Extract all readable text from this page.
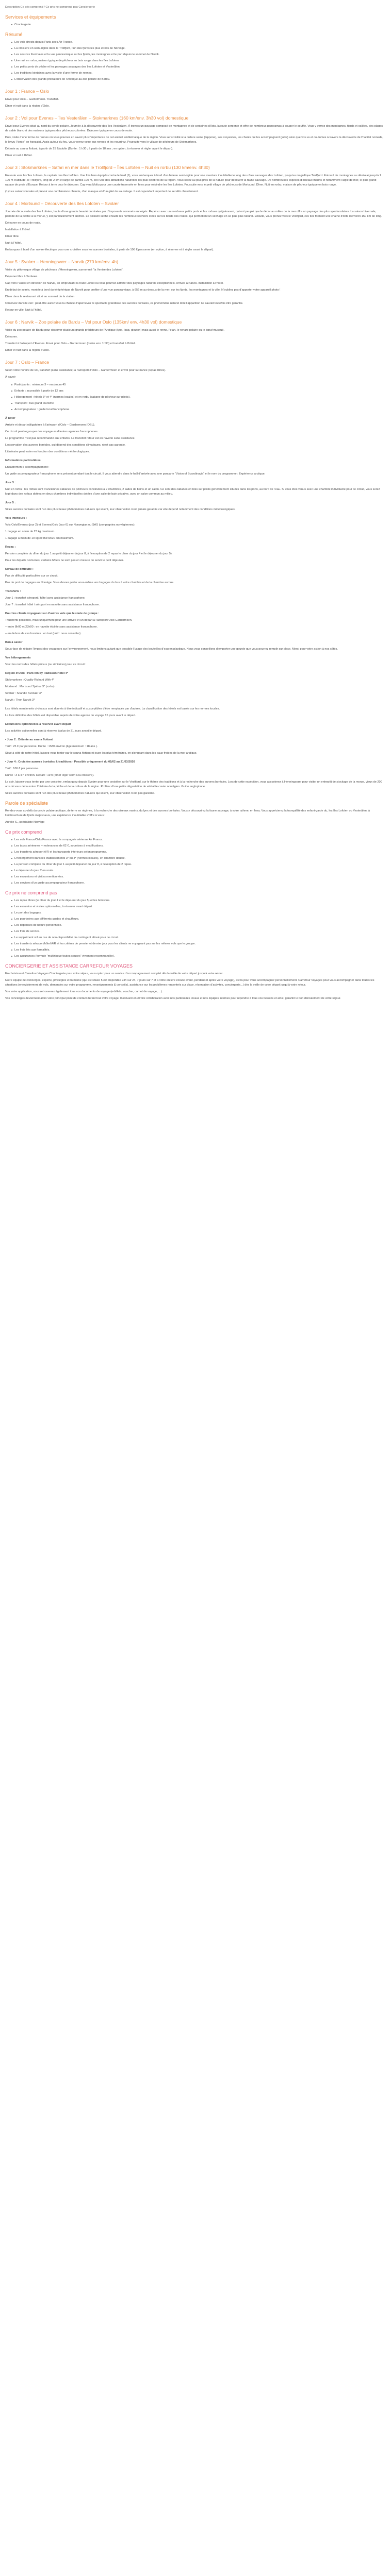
Description Ce prix comprend / Ce prix ne comprend pas Conciergerie
Services et équipements
Conciergerie
Résumé
Les vols directs depuis Paris avec Air France.
La croisière en semi-rigide dans le Trollfjord, l’un des fjords les plus étroits de Norvège.
Les sources thermales et la vue panoramique sur les fjords, les montagnes et le port depuis le sommet de Narvik.
Une nuit en rorbu, maison typique de pêcheur en bois rouge dans les îles Lofoten.
Les petits ports de pêche et les paysages sauvages des îles Lofoten et Vesterålen.
Les traditions lointaines avec la visite d’une ferme de rennes.
L’observation des grands prédateurs de l’Arctique au zoo polaire de Bardu.
Jour 1 : France – Oslo

Envol pour Oslo – Gardermoen. Transfert.

Dîner et nuit dans la région d’Oslo.

Jour 2 : Vol pour Evenes – Îles Vesterålen – Stokmarknes (160 km/env. 3h30 vol) domestique

Envol pour Evenes situé au nord du cercle polaire. Journée à la découverte des îles Vesterålen. À travers un paysage composé de montagnes et de centaines d’îlots, la route serpente et offre de nombreux panoramas à couper le souffle. Vous y verrez des montagnes, fjords et vallées, des plages de sable blanc et des maisons typiques des pêcheurs colorées. Déjeuner typique en cours de route.

Puis, visite d’une ferme de rennes où vous pourrez en savoir plus l’importance de cet animal emblématique de la région. Vous serez initié à la culture same (lappone), ses croyances, les chants qui les accompagnent (joiks) ainsi que vos us et coutumes à travers la découverte de l’habitat nomade, le lavvu (“tente” en français). Assis autour du feu, vous verrez votre eux rennes et les nourrirez. Poursuite vers le village de pêcheurs de Stokmarknes.

Détente au sauna flottant, à partir de 25 €/adulte (Durée : 1 h30 ; à partir de 18 ans ; en option, à réserver et régler avant le départ).

Dîner et nuit à l’hôtel.

Jour 3 : Stokmarknes – Safari en mer dans le Trollfjord – Îles Lofoten – Nuit en rorbu (130 km/env. 4h30)

En route vers les îles Lofoten, la capitale des îles Lofoten. Une fois bien équipés contre le froid (1), vous embarquez à bord d’un bateau semi-rigide pour une aventure inoubliable le long des côtes sauvages des Lofoten, jusqu’au magnifique Trollfjord. Entouré de montagnes au dénivelé jusqu’à 1 100 m d’altitude, le Trollfjord, long de 2 km et large de parfois 100 m, est l’une des attractions naturelles les plus célèbres de la région. Vous serez au plus près de la nature pour découvrir la faune sauvage. De nombreuses espèces d’oiseaux marins et notamment l’aigle de mer, le plus grand rapace de proie d’Europe. Retour à terre pour le déjeuner. Cap vers Moltu pour une courte traversée en ferry pour rejoindre les îles Lofoten. Poursuite vers le petit village de pêcheurs de Mortsund. Dîner. Nuit en rorbu, maison de pêcheur typique en bois rouge.

(1) Les saisons locales et prévoir une combinaison chaude, d’un masque et d’un gilet de sauvetage. Il est cependant important de se vêtir chaudement.

Jour 4 : Mortsund – Découverte des îles Lofoten – Svolær

Journée découverte des îles Lofoten, hauts d’une grande beauté dominées par d’imposants sommets enneigés. Repérez avec un nombreux petits ports et les rorbuer qui jalonnent, qui ont peuplé que le décor au milieu de la mer offre un paysage des plus spectaculaires. La saison hivernale, période de la pêche à la morue, y est particulièrement animée. Le poisson séché ensuite les nombreux séchoirs créés sur les bords des routes, qui permettent un séchage en se plus plus naturel. Ensuite, vous prenez vers le Vestfjord, ces îles forment une chaîne d’îlots d’environ 150 km de long.

Déjeuner en cours de route.

Installation à l’hôtel.

Dîner libre.

Nuit à l’hôtel.

Embarquez à bord d’un navire électrique pour une croisière sous les aurores boréales, à partir de 106 €/personne (en option, à réserver et à régler avant le départ).

Jour 5 : Svolær – Henningsvær – Narvik (270 km/env. 4h)

Visite du pittoresque village de pêcheurs d’Henningsvær, surnommé “la Venise des Lofoten”.

Déjeuner libre à Svolvær.

Cap vers l’Ouest en direction de Narvik, en empruntant la route Lofast où vous pourrez admirer des paysages naturels exceptionnels. Arrivée à Narvik. Installation à l’hôtel.

En début de soirée, montée à bord du téléphérique de Narvik pour profiter d’une vue panoramique, à 656 m au-dessus de la mer, sur les fjords, les montagnes et la ville. N’oubliez pas d’apporter votre appareil photo !

Dîner dans le restaurant situé au sommet de la station.

Observez dans le ciel : peut-être aurez vous la chance d’apercevoir le spectacle grandiose des aurores boréales, ce phénomène naturel dont l’apparition ne saurait toutefois être garantie.

Retour en ville. Nuit à l’hôtel.

Jour 6 : Narvik – Zoo polaire de Bardu – Vol pour Oslo (135km/ env. 4h30 vol) domestique

Visite du zoo polaire de Bardu pour observer plusieurs grands prédateurs de l’Arctique (lynx, loup, glouton) mais aussi le renne, l’élan, le renard polaire ou le bœuf musqué.

Déjeuner.

Transfert à l’aéroport d’Evenes. Envol pour Oslo – Gardermoen (durée env. 1h30) et transfert à l’hôtel.

Dîner et nuit dans la région d’Oslo.

Jour 7 : Oslo – France

Selon votre horaire de vol, transfert (sans assistance) à l’aéroport d’Oslo – Gardermoen et envol pour la France (repas libres).

À savoir

Participants : minimum 3 – maximum 45
Enfants : accessible à partir de 12 ans
Hébergement : hôtels 3* et 4* (normes locales) et en rorbu (cabane de pêcheur sur pilotis).
Transport : bus grand tourisme
Accompagnateur : guide local francophone

À noter

Arrivée et départ obligatoires à l’aéroport d’Oslo – Gardermoen (OSL).

Ce circuit peut regrouper des voyageurs d’autres agences francophones.

Le programme n’est pas recommandé aux enfants. Le transfert retour est en navette sans assistance.

L’observation des aurores boréales, qui dépend des conditions climatiques, n’est pas garantie.

L’itinéraire peut varier en fonction des conditions météorologiques.

Informations particulières

Encadrement / accompagnement :

Un guide accompagnateur francophone sera présent pendant tout le circuit. Il vous attendra dans le hall d’arrivée avec une pancarte “Vision of Scandinavia” et le nom du programme : Expérience arctique.

Jour 3 :

Nuit en rorbu : les rorbus sont d’anciennes cabanes de pêcheurs construites à 2 chambres, 2 salles de bains et un salon. Ce sont des cabanes en bois sur pilotis généralement situées dans les ports, au bord de l’eau. Si vous êtes venus avec une chambre individuelle pour ce circuit, vous serez logé dans des rorbus dotées en deux chambres individuelles dotées d’une salle de bain privative, avec un salon commun au milieu.

Jour 5 :

Si les aurores boréales sont l’un des plus beaux phénomènes naturels qui soient, leur observation n’est jamais garantie car elle dépend notamment des conditions météorologiques.

Vols intérieurs :

Vols Oslo/Evenes (jour 2) et Evenes/Oslo (jour 6) sur Norwegian ou SAS (compagnies norvégiennes).

1 bagage en soute de 23 kg maximum.

1 bagage à main de 10 kg et 55x40x20 cm maximum.

Repas :

Pension complète du dîner du jour 1 au petit déjeuner du jour 8, à l’exception de 2 repas le dîner du jour 4 et le déjeuner du jour 5).

Pour les départs nocturnes, certains hôtels ne sont pas en mesure de servir le petit déjeuner.

Niveau de difficulté :

Pas de difficulté particulière sur ce circuit.

Pas de port de bagages en Norvège. Vous devrez porter vous-même vos bagages du bus à votre chambre et de la chambre au bus.

Transferts :

Jour 1 : transfert aéroport / hôtel avec assistance francophone.

Jour 7 : transfert hôtel / aéroport en navette sans assistance francophone.

Pour les clients voyageant sur d’autres vols que le route de groupe :

Transferts possibles, mais uniquement pour une arrivée et un départ à l’aéroport Oslo Gardermoen.

– entre 8h00 et 23h00 : en navette étoilée sans assistance francophone.

– en dehors de ces horaires : en taxi (tarif : nous consulter).

Bon à savoir

Sous-face de réduire l’impact des voyageurs sur l’environnement, nous limitons autant que possible l’usage des bouteilles d’eau en plastique. Nous vous conseillons d’emporter une gourde que vous pourrez remplir sur place. Merci pour votre action à nos côtés.

Vos hébergements

Voici les noms des hôtels prévus (ou similaires) pour ce circuit :

Région d’Oslo : Park Inn by Radisson Hotel 4*

Stokmarknes : Quality Richard With 4*

Mortsund : Mortsund Sjøhus 3* (rorbu)

Svolær : Scandic Svolvær 3*

Narvik : Thon Narvik 3*

Les hôtels mentionnés ci-dessus sont donnés à titre indicatif et susceptibles d’être remplacés par d’autres. La classification des hôtels est basée sur les normes locales.

La liste définitive des hôtels est disponible auprès de votre agence de voyage 15 jours avant le départ.

Excursions optionnelles à réserver avant départ

Les activités optionnelles sont à réserver à plus de 31 jours avant le départ.

• Jour 2 : Détente au sauna flottant

Tarif : 25 € par personne. Durée : 1h30 environ (âge minimum : 18 ans ).

Situé à côté de notre hôtel, laissez-vous tenter par le sauna flottant et jouer les plus téméraires, en plongeant dans les eaux froides de la mer arctique.

• Jour 4 : Croisière aurores boréales & traditions - Possible uniquement du 01/02 au 21/03/2026

Tarif : 106 € par personne.

Durée : 3 à 4 h environ. Départ : 19 h (dîner léger servi à la croisière).

Le soir, laissez-vous tenter par une croisière, embarquez depuis Svolær pour une croisière sur le Vestfjord, sur le thème des traditions et à la recherche des aurores boréales. Lors de cette expédition, vous accosterez à Henningsvær pour visiter un entrepôt de stockage de la morue, vieux de 200 ans où vous découvrirez l’histoire de la pêche et de la culture de la région. Profitez d’une petite dégustation de véritable caviar norvégien. Guide anglophone.

Si les aurores boréales sont l’un des plus beaux phénomènes naturels qui soient, leur observation n’est pas garantie.

Parole de spécialiste

Rendez-vous au-delà du cercle polaire arctique, de terre en régimes, à la recherche des oiseaux marins, du lynx et des aurores boréales. Vous y découvrirez la faune sauvage, à votre rythme, en ferry. Vous apprécierez la tranquillité des enfant-garde du, les îles Lofoten ou Vesterålen, à l’embouchure de fjords majestueux, une expérience inoubliable s’offre à vous !

Aurelie S., spécialiste Norvège

Ce prix comprend
Les vols France/Oslo/France avec la compagnie aérienne Air France.
Les taxes aériennes + redevances de 62 €, soumises à modifications.
Les transferts aéroport A/R et les transports intérieurs selon programme.
L’hébergement dans les établissements 3* ou 4* (normes locales), en chambre double.
La pension complète du dîner du jour 1 au petit déjeuner du jour 8, à l’exception de 2 repas.
Le déjeuner du jour 2 en route.
Les excursions et visites mentionnées.
Les services d’un guide accompagnateur francophone.
Ce prix ne comprend pas
Les repas libres (le dîner du jour 4 et le déjeuner du jour 5) et les boissons.
Les excursion et visites optionnelles, à réserver avant départ.
Le port des bagages.
Les pourboires aux différents guides et chauffeurs.
Les dépenses de nature personnelle.
Les frais de service.
Le supplément vol en cas de non-disponibilité du contingent alloué pour ce circuit.
Les transferts aéroport/hôtel A/R et les critères de premier et dernier jour pour les clients ne voyageant pas sur les mêmes vols que le groupe.
Les frais liés aux formalités.
Les assurances (formule “multirisque toutes causes” vivement recommandée).
CONCIERGERIE ET ASSISTANCE CARREFOUR VOYAGES

En choisissant Carrefour Voyages Conciergerie pour votre séjour, vous optez pour un service d’accompagnement complet dès la veille de votre départ jusqu’à votre retour.

Notre équipe de concierges, experte, privilégiée et humaine (qui est située 5 est disponible 24h sur 24, 7 jours sur 7 et a votre entière écoute avant, pendant et après votre voyage), est là pour vous accompagner personnellement. Carrefour Voyages pour vous accompagner dans toutes les situations (enregistrement de vols, demandes sur votre programme, renseignements & conseils), assistance sur les problèmes rencontrés sur place, réservation d’activités, conciergerie...) dès la veille de votre départ jusqu’à votre retour.

Vos votre application, vous retrouverez également tous vos documents de voyage (e-billets, voucher, carnet de voyage, ...).

Vos concierges deviennent alors votre principal point de contact durant tout votre voyage. Inscrivant en étroite collaboration avec nos partenaires locaux et nos équipes internes pour répondre à tous vos besoins et ainsi, garantir le bon déroulement de votre séjour.
